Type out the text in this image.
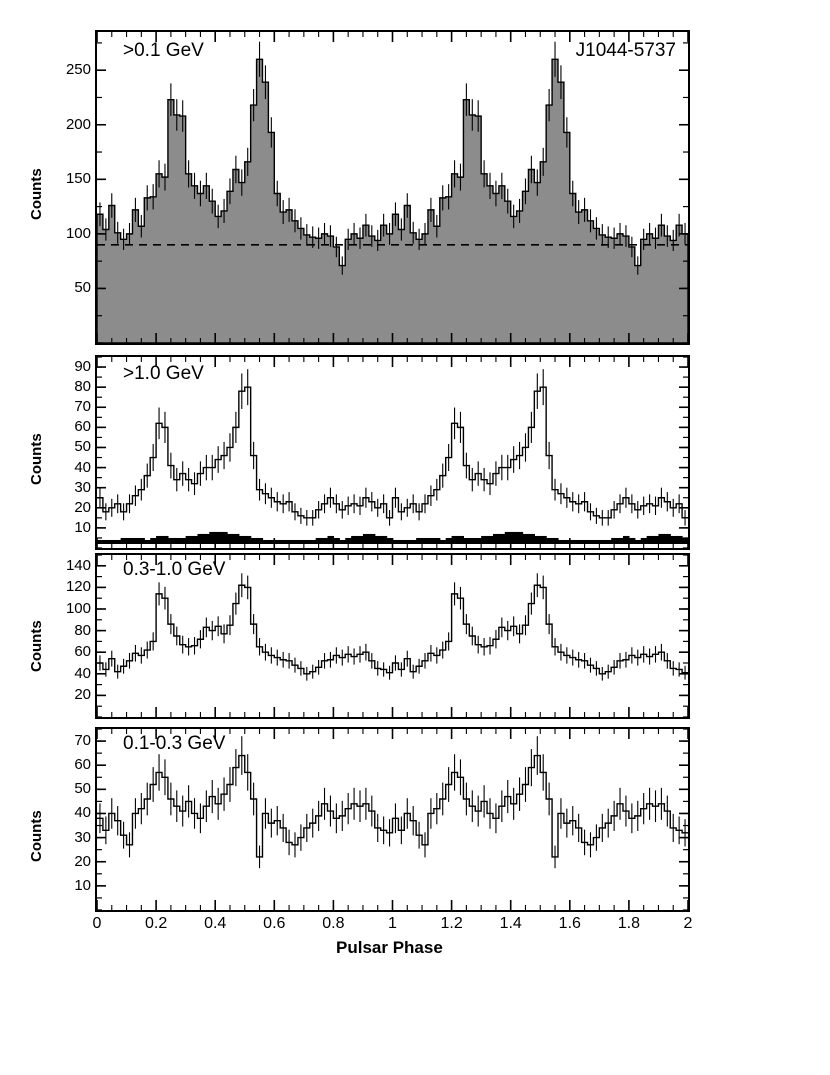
>0.1 GeV	J1044-5737
Counts
50
100
150
200
250
>1.0 GeV
Counts
10
20
30
40
50
60
70
80
90
0.3-1.0 GeV
Counts
20
40
60
80
100
120
140
0.1-0.3 GeV
Counts
10
20
30
40
50
60
70
0	0.2	0.4	0.6	0.8	1	1.2	1.4	1.6	1.8	2
Pulsar Phase
